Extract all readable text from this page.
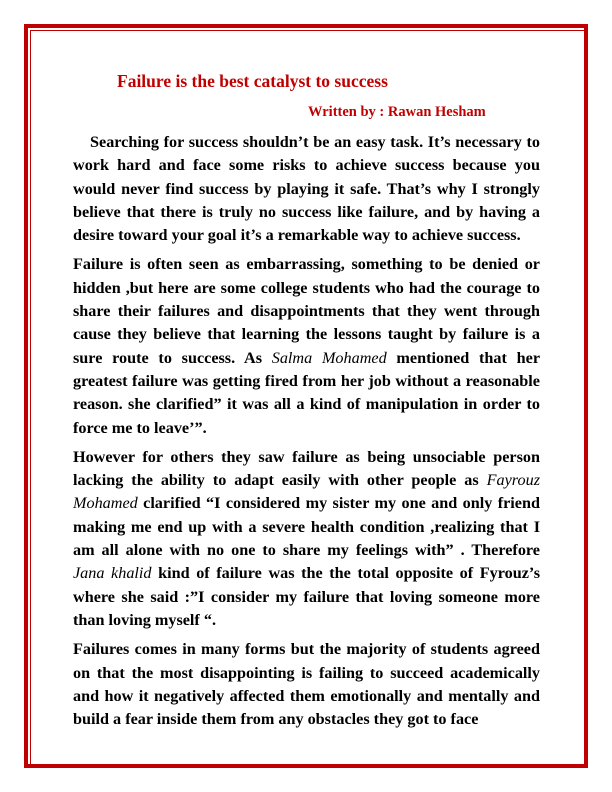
Failure is the best catalyst to success

Written by : Rawan Hesham

Searching for success shouldn’t be an easy task. It’s necessary to work hard and face some risks to achieve success because you would never find success by playing it safe. That’s why I strongly believe that there is truly no success like failure, and by having a desire toward your goal it’s a remarkable way to achieve success.

Failure is often seen as embarrassing, something to be denied or hidden ,but here are some college students who had the courage to share their failures and disappointments that they went through cause they believe that learning the lessons taught by failure is a sure route to success. As Salma Mohamed mentioned that her greatest failure was getting fired from her job without a reasonable reason. she clarified” it was all a kind of manipulation in order to force me to leave’”.

However for others they saw failure as being unsociable person lacking the ability to adapt easily with other people as Fayrouz Mohamed clarified “I considered my sister my one and only friend making me end up with a severe health condition ,realizing that I am all alone with no one to share my feelings with” . Therefore Jana khalid kind of failure was the the total opposite of Fyrouz’s where she said :”I consider my failure that loving someone more than loving myself “.

Failures comes in many forms but the majority of students agreed on that the most disappointing is failing to succeed academically and how it negatively affected them emotionally and mentally and build a fear inside them from any obstacles they got to face
